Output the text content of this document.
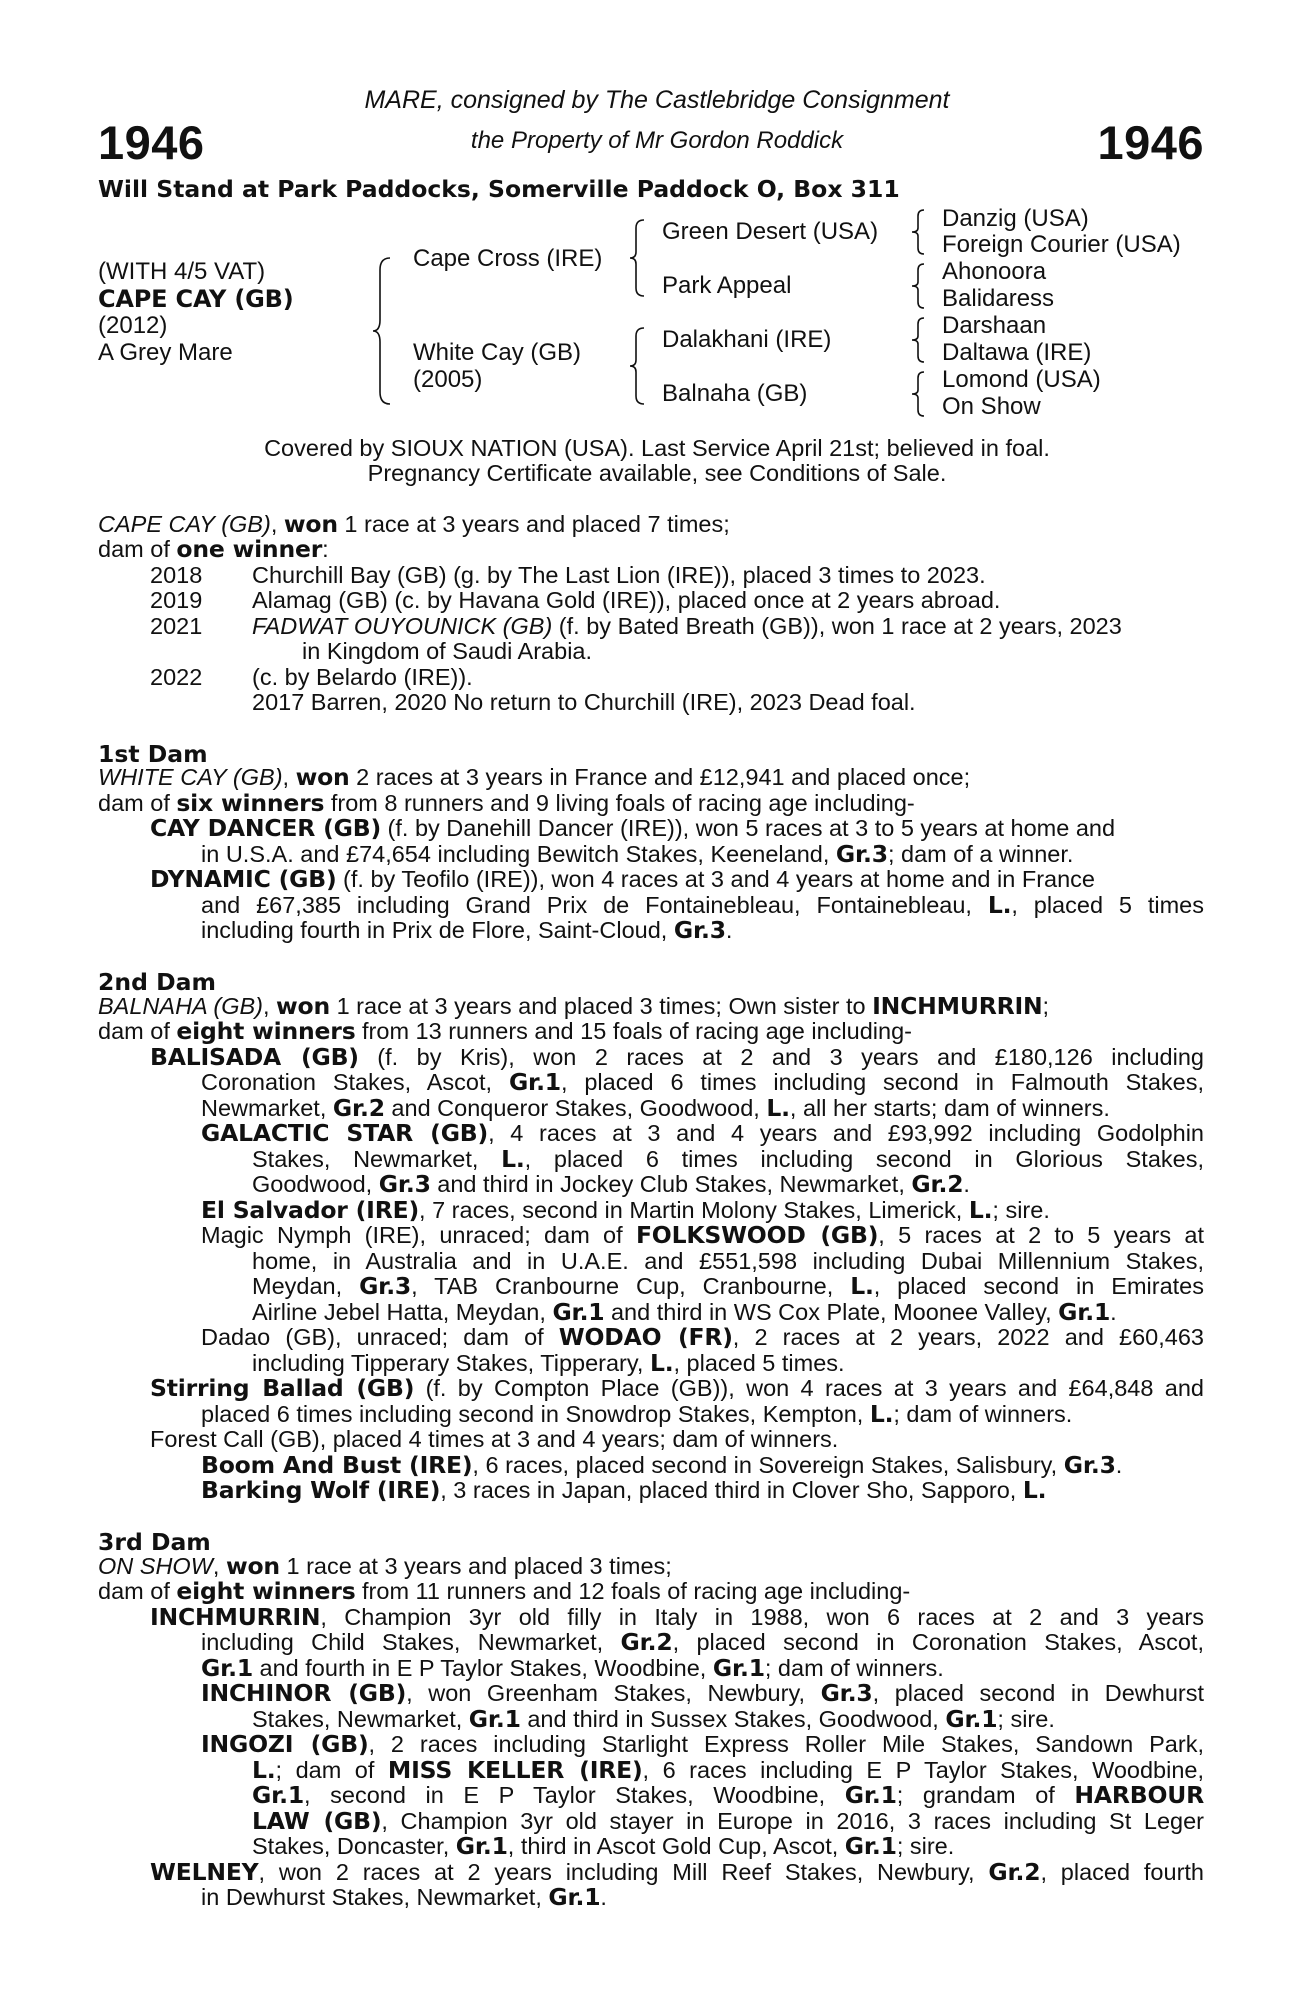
1946	1946
MARE, consigned by The Castlebridge Consignment
the Property of Mr Gordon Roddick
Will Stand at Park Paddocks, Somerville Paddock O, Box 311
(WITH 4/5 VAT)
CAPE CAY (GB)
(2012)
A Grey Mare
Cape Cross (IRE)
White Cay (GB)
(2005)
Green Desert (USA)
Park Appeal
Dalakhani (IRE)
Balnaha (GB)
Danzig (USA)
Foreign Courier (USA)
Ahonoora
Balidaress
Darshaan
Daltawa (IRE)
Lomond (USA)
On Show
Covered by SIOUX NATION (USA). Last Service April 21st; believed in foal.
Pregnancy Certificate available, see Conditions of Sale.
CAPE CAY (GB), won 1 race at 3 years and placed 7 times;
dam of one winner:
2018 Churchill Bay (GB) (g. by The Last Lion (IRE)), placed 3 times to 2023.
2019 Alamag (GB) (c. by Havana Gold (IRE)), placed once at 2 years abroad.
2021 FADWAT OUYOUNICK (GB) (f. by Bated Breath (GB)), won 1 race at 2 years, 2023
in Kingdom of Saudi Arabia.
2022 (c. by Belardo (IRE)).
2017 Barren, 2020 No return to Churchill (IRE), 2023 Dead foal.
1st Dam
WHITE CAY (GB), won 2 races at 3 years in France and £12,941 and placed once;
dam of six winners from 8 runners and 9 living foals of racing age including-
CAY DANCER (GB) (f. by Danehill Dancer (IRE)), won 5 races at 3 to 5 years at home and
in U.S.A. and £74,654 including Bewitch Stakes, Keeneland, Gr.3; dam of a winner.
DYNAMIC (GB) (f. by Teofilo (IRE)), won 4 races at 3 and 4 years at home and in France
and £67,385 including Grand Prix de Fontainebleau, Fontainebleau, L., placed 5 times
including fourth in Prix de Flore, Saint-Cloud, Gr.3.
2nd Dam
BALNAHA (GB), won 1 race at 3 years and placed 3 times; Own sister to INCHMURRIN;
dam of eight winners from 13 runners and 15 foals of racing age including-
BALISADA (GB) (f. by Kris), won 2 races at 2 and 3 years and £180,126 including
Coronation Stakes, Ascot, Gr.1, placed 6 times including second in Falmouth Stakes,
Newmarket, Gr.2 and Conqueror Stakes, Goodwood, L., all her starts; dam of winners.
GALACTIC STAR (GB), 4 races at 3 and 4 years and £93,992 including Godolphin
Stakes, Newmarket, L., placed 6 times including second in Glorious Stakes,
Goodwood, Gr.3 and third in Jockey Club Stakes, Newmarket, Gr.2.
El Salvador (IRE), 7 races, second in Martin Molony Stakes, Limerick, L.; sire.
Magic Nymph (IRE), unraced; dam of FOLKSWOOD (GB), 5 races at 2 to 5 years at
home, in Australia and in U.A.E. and £551,598 including Dubai Millennium Stakes,
Meydan, Gr.3, TAB Cranbourne Cup, Cranbourne, L., placed second in Emirates
Airline Jebel Hatta, Meydan, Gr.1 and third in WS Cox Plate, Moonee Valley, Gr.1.
Dadao (GB), unraced; dam of WODAO (FR), 2 races at 2 years, 2022 and £60,463
including Tipperary Stakes, Tipperary, L., placed 5 times.
Stirring Ballad (GB) (f. by Compton Place (GB)), won 4 races at 3 years and £64,848 and
placed 6 times including second in Snowdrop Stakes, Kempton, L.; dam of winners.
Forest Call (GB), placed 4 times at 3 and 4 years; dam of winners.
Boom And Bust (IRE), 6 races, placed second in Sovereign Stakes, Salisbury, Gr.3.
Barking Wolf (IRE), 3 races in Japan, placed third in Clover Sho, Sapporo, L.
3rd Dam
ON SHOW, won 1 race at 3 years and placed 3 times;
dam of eight winners from 11 runners and 12 foals of racing age including-
INCHMURRIN, Champion 3yr old filly in Italy in 1988, won 6 races at 2 and 3 years
including Child Stakes, Newmarket, Gr.2, placed second in Coronation Stakes, Ascot,
Gr.1 and fourth in E P Taylor Stakes, Woodbine, Gr.1; dam of winners.
INCHINOR (GB), won Greenham Stakes, Newbury, Gr.3, placed second in Dewhurst
Stakes, Newmarket, Gr.1 and third in Sussex Stakes, Goodwood, Gr.1; sire.
INGOZI (GB), 2 races including Starlight Express Roller Mile Stakes, Sandown Park,
L.; dam of MISS KELLER (IRE), 6 races including E P Taylor Stakes, Woodbine,
Gr.1, second in E P Taylor Stakes, Woodbine, Gr.1; grandam of HARBOUR
LAW (GB), Champion 3yr old stayer in Europe in 2016, 3 races including St Leger
Stakes, Doncaster, Gr.1, third in Ascot Gold Cup, Ascot, Gr.1; sire.
WELNEY, won 2 races at 2 years including Mill Reef Stakes, Newbury, Gr.2, placed fourth
in Dewhurst Stakes, Newmarket, Gr.1.
